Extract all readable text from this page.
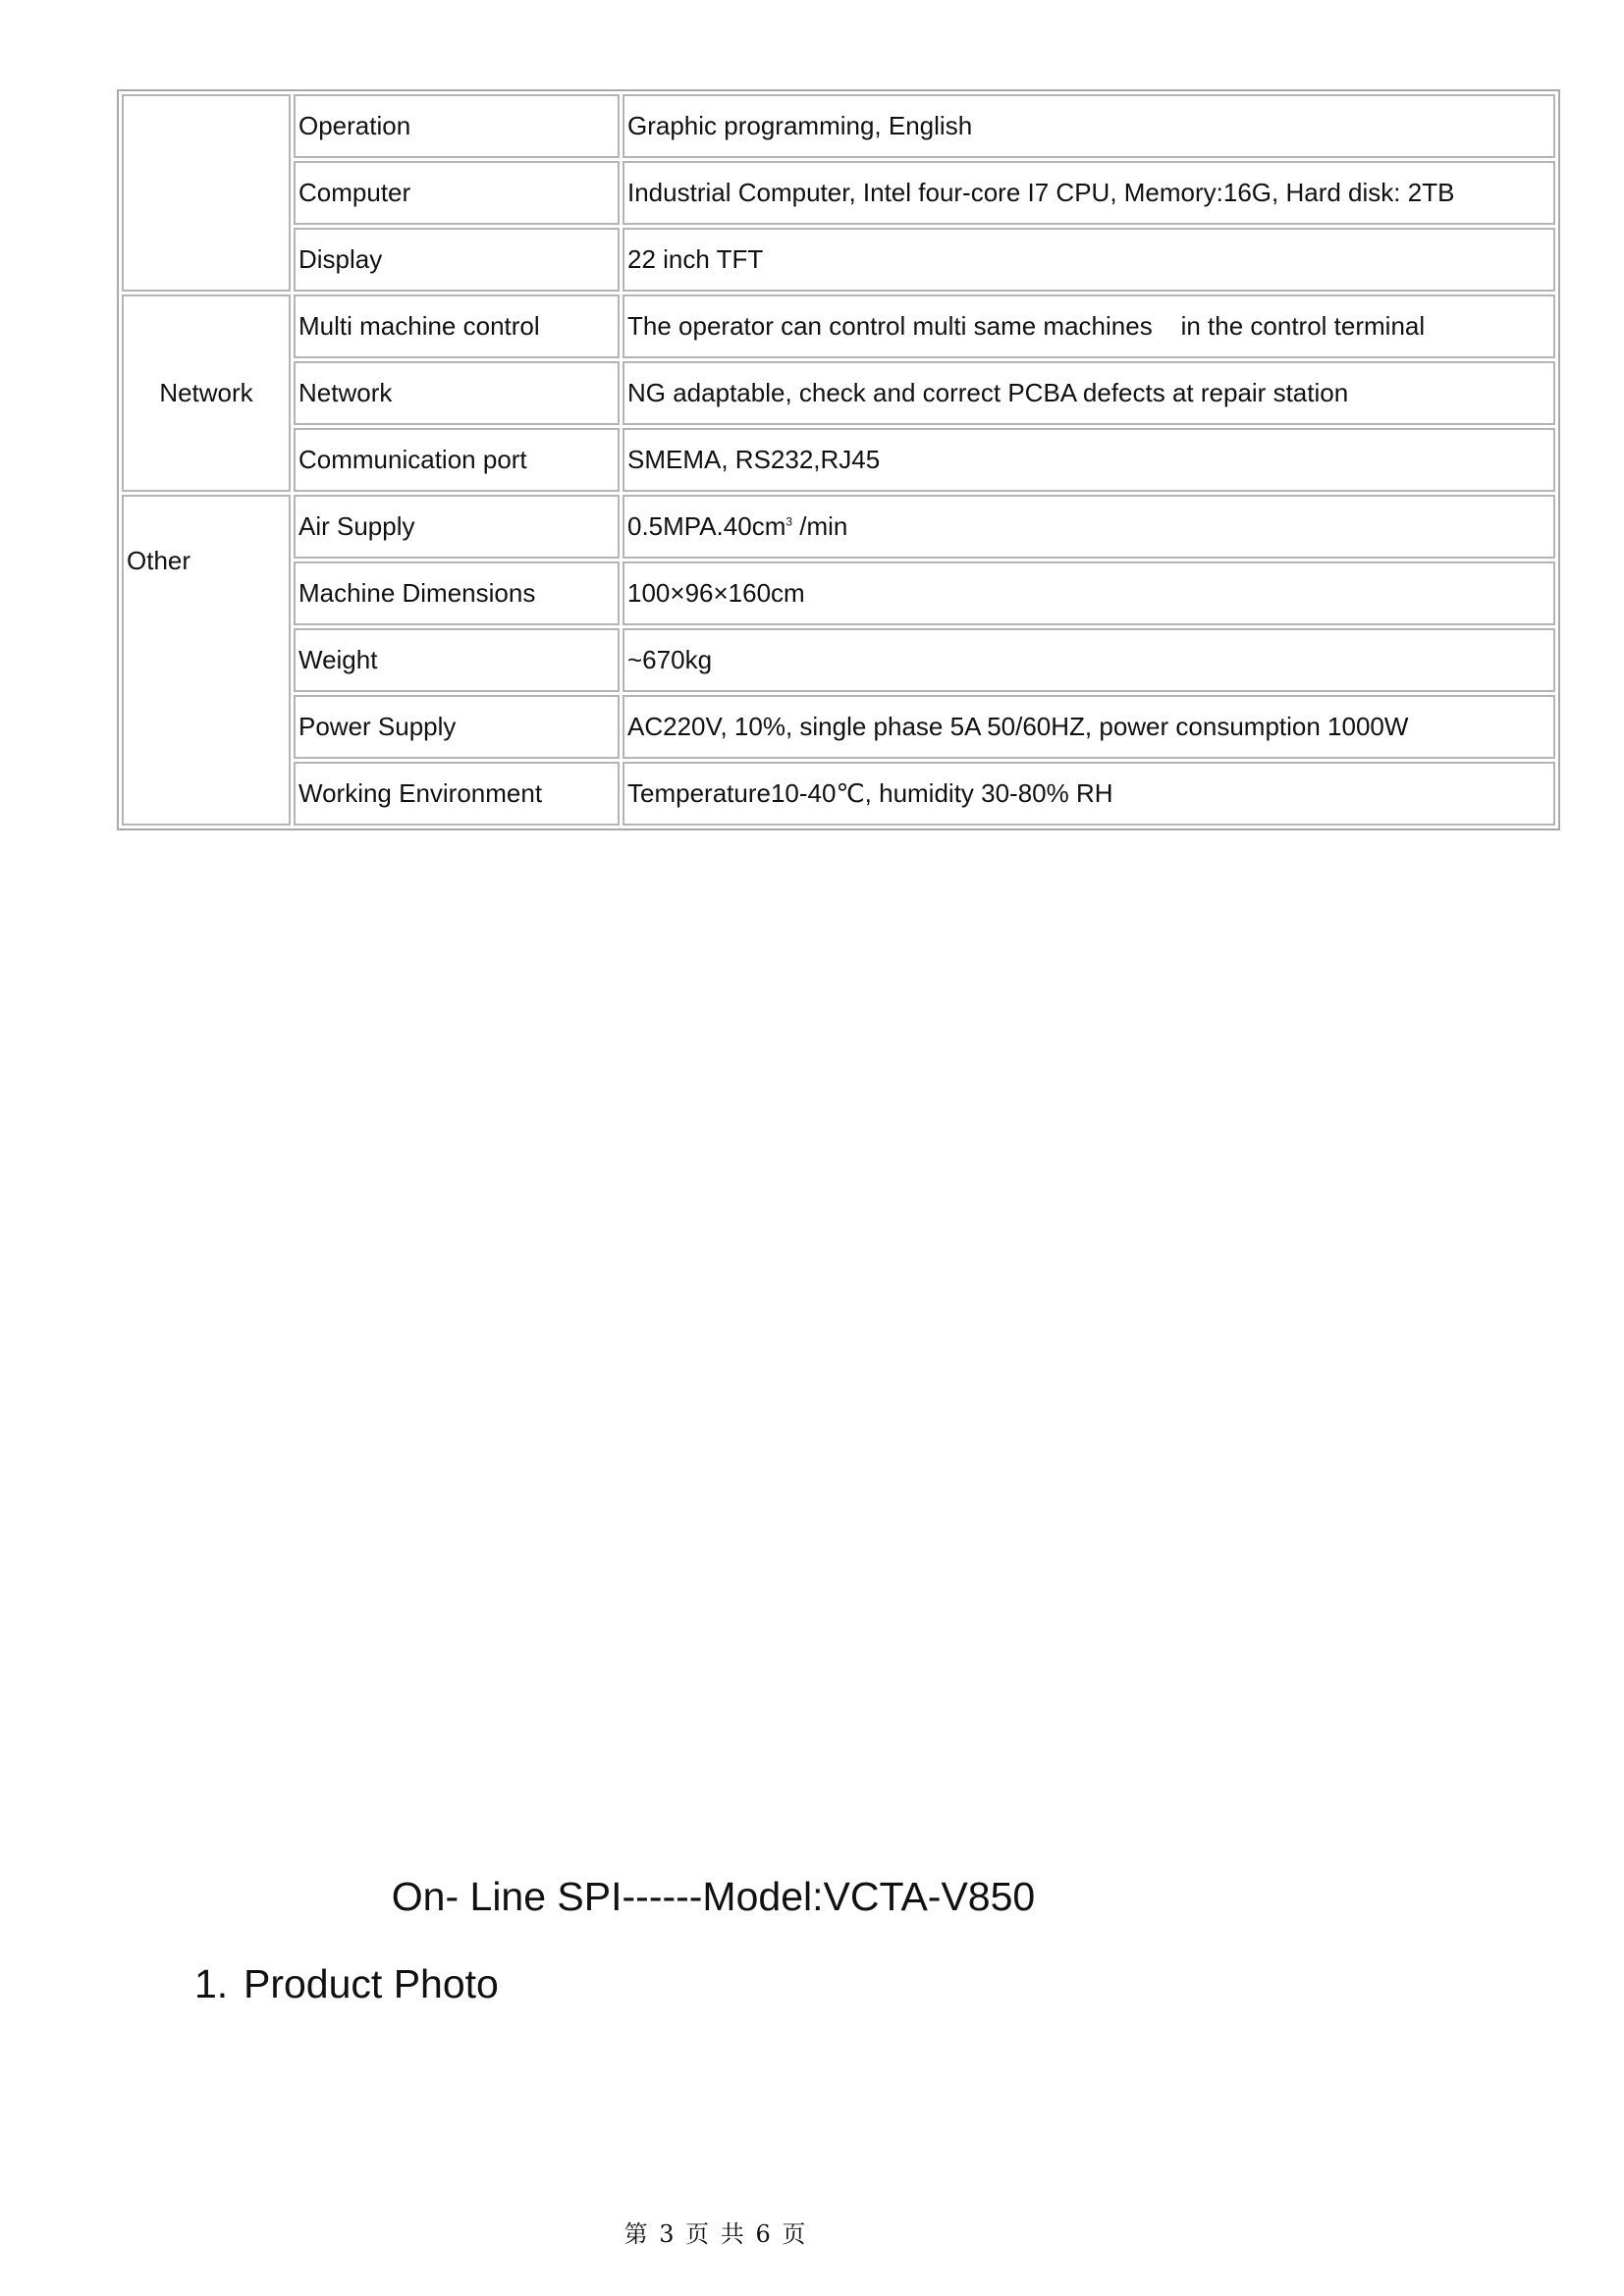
	Operation	Graphic programming, English
	Computer	Industrial Computer, Intel four-core I7 CPU, Memory:16G, Hard disk: 2TB
	Display	22 inch TFT
Network	Multi machine control	The operator can control multi same machines    in the control terminal
	Network	NG adaptable, check and correct PCBA defects at repair station
	Communication port	SMEMA, RS232,RJ45
Other	Air Supply	$0.5MPA.40cm^3$ /min
	Machine Dimensions	100×96×160cm
	Weight	~670kg
	Power Supply	AC220V, 10%, single phase 5A 50/60HZ, power consumption 1000W
	Working Environment	Temperature10-40℃, humidity 30-80% RH
On- Line SPI------Model:VCTA-V850
1. Product Photo
第 3 页 共 6 页
